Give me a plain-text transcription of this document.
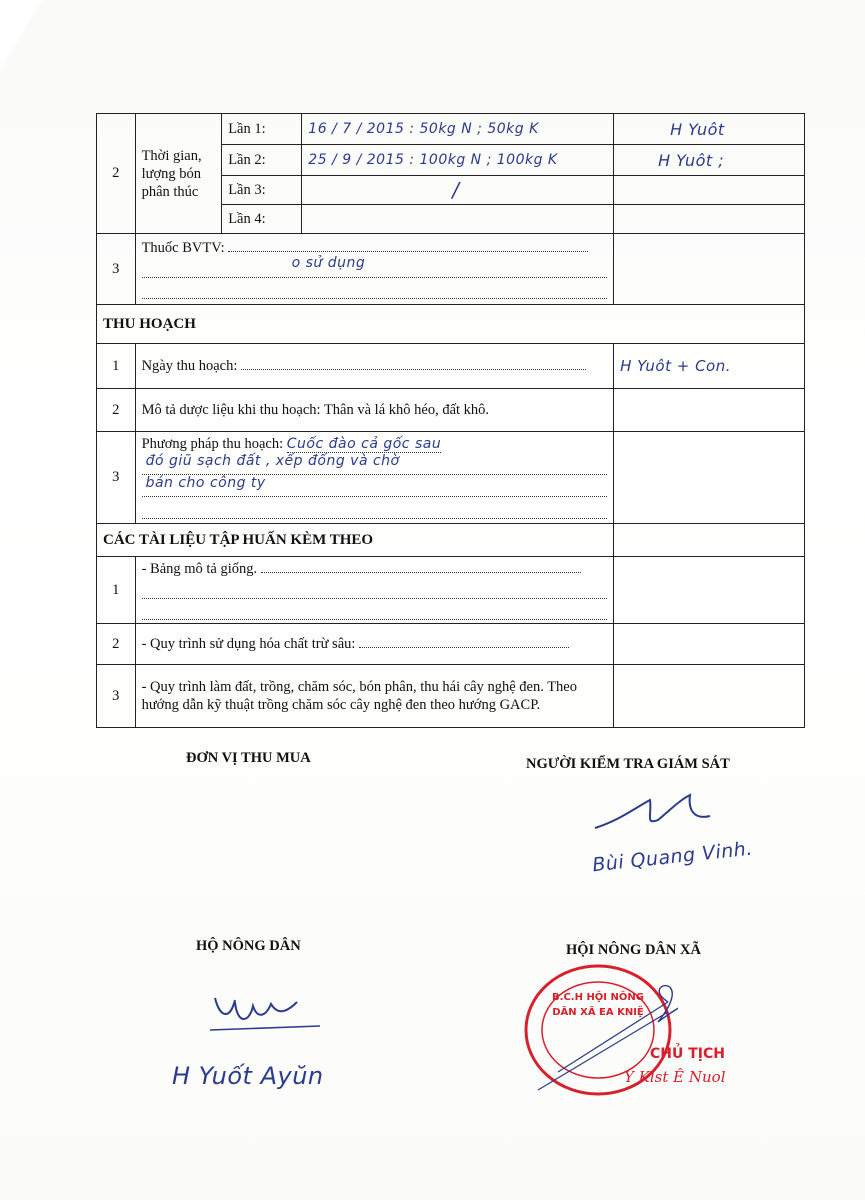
2	Thời gian, lượng bón phân thúc	Lần 1:	16 / 7 / 2015 : 50kg N ; 50kg K	H Yuôt
		Lần 2:	25 / 9 / 2015 : 100kg N ; 100kg K	H Yuôt ;
		Lần 3:	/	
		Lần 4:		
3	Thuốc BVTV:
o sử dụng			

THU HOẠCH				
1	Ngày thu hoạch:			H Yuôt + Con.
2	Mô tả dược liệu khi thu hoạch: Thân và lá khô héo, đất khô.			
3	Phương pháp thu hoạch: Cuốc đào cả gốc sau
đó giũ sạch đất , xếp đống và chờ
bán cho công ty			

CÁC TÀI LIỆU TẬP HUẤN KÈM THEO				
1	- Bảng mô tả giống.		

2	- Quy trình sử dụng hóa chất trừ sâu:			
3	- Quy trình làm đất, trồng, chăm sóc, bón phân, thu hái cây nghệ đen. Theo hướng dẫn kỹ thuật trồng chăm sóc cây nghệ đen theo hướng GACP.			
ĐƠN VỊ THU MUA	NGƯỜI KIỂM TRA GIÁM SÁT
HỘ NÔNG DÂN	HỘI NÔNG DÂN XÃ
Bùi Quang Vinh.
H Yuốt Ayŭn
B.C.H HỘI NÔNG DÂN XÃ EA KNIỆ
CHỦ TỊCH
Y Klst Ê Nuol
